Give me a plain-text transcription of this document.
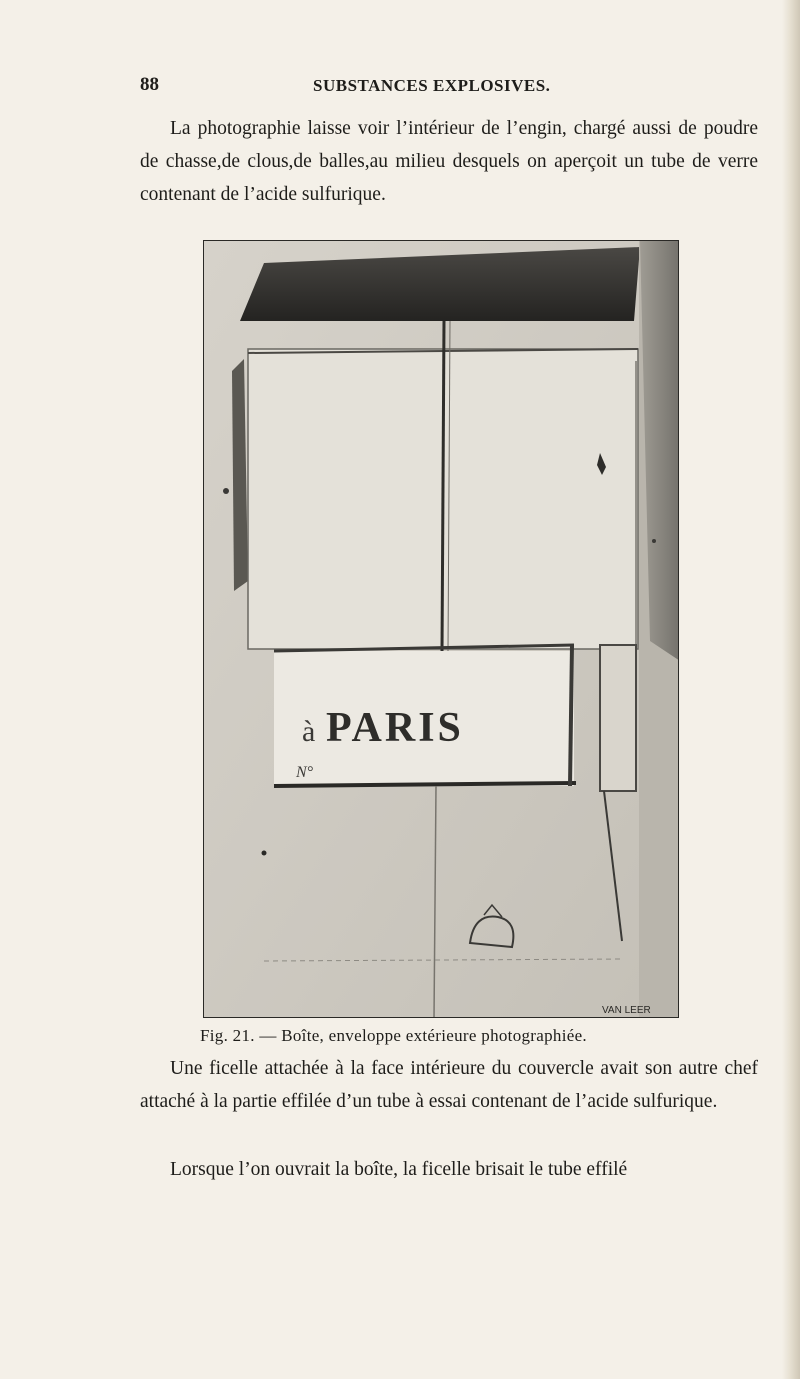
88	SUBSTANCES EXPLOSIVES.

La photographie laisse voir l’intérieur de l’engin, chargé aussi de poudre de chasse,de clous,de balles,au milieu desquels on aperçoit un tube de verre contenant de l’acide sulfurique.

à PARIS
N°
VAN LEER
Fig. 21. — Boîte, enveloppe extérieure photographiée.

Une ficelle attachée à la face intérieure du couvercle avait son autre chef attaché à la partie effilée d’un tube à essai contenant de l’acide sulfurique.

Lorsque l’on ouvrait la boîte, la ficelle brisait le tube effilé
